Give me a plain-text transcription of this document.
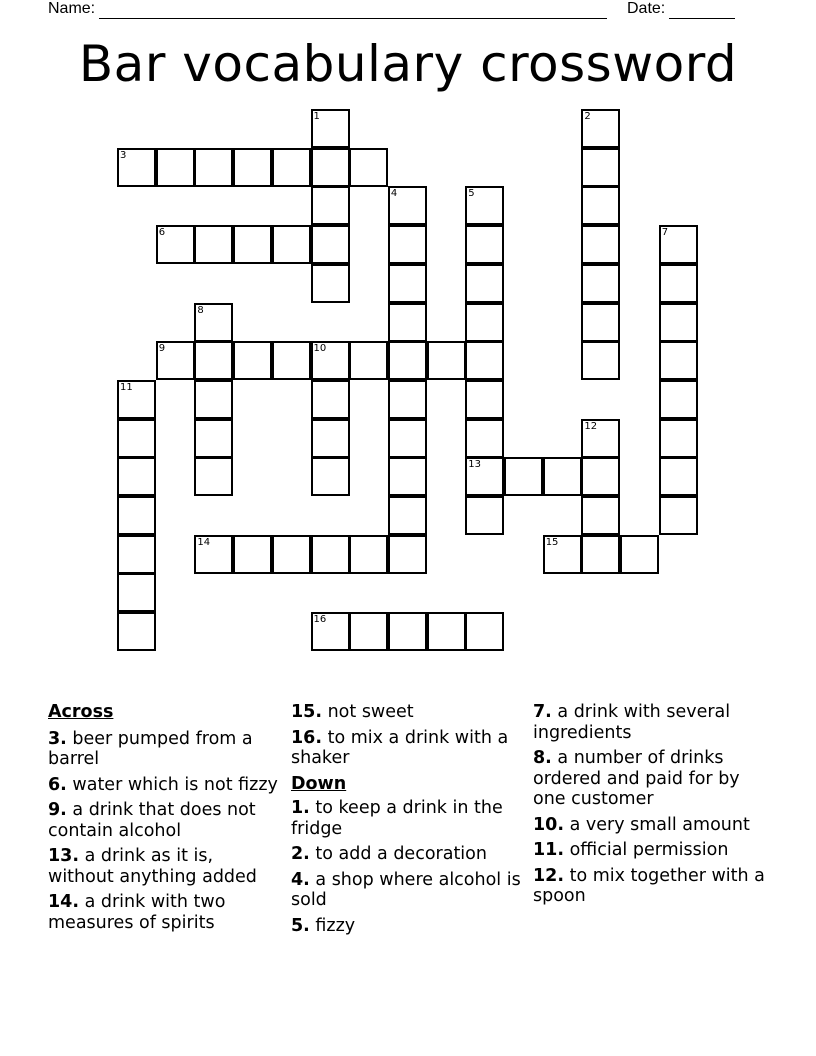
Name:	Date:
Bar vocabulary crossword
1	2
3
4	5
13
6	7
8
9	10
11
12
14	15
16
Across
3. beer pumped from a barrel
6. water which is not fizzy
9. a drink that does not contain alcohol
13. a drink as it is, without anything added
14. a drink with two measures of spirits
15. not sweet
16. to mix a drink with a shaker
Down
1. to keep a drink in the fridge
2. to add a decoration
4. a shop where alcohol is sold
5. fizzy
7. a drink with several ingredients
8. a number of drinks ordered and paid for by one customer
10. a very small amount
11. official permission
12. to mix together with a spoon
